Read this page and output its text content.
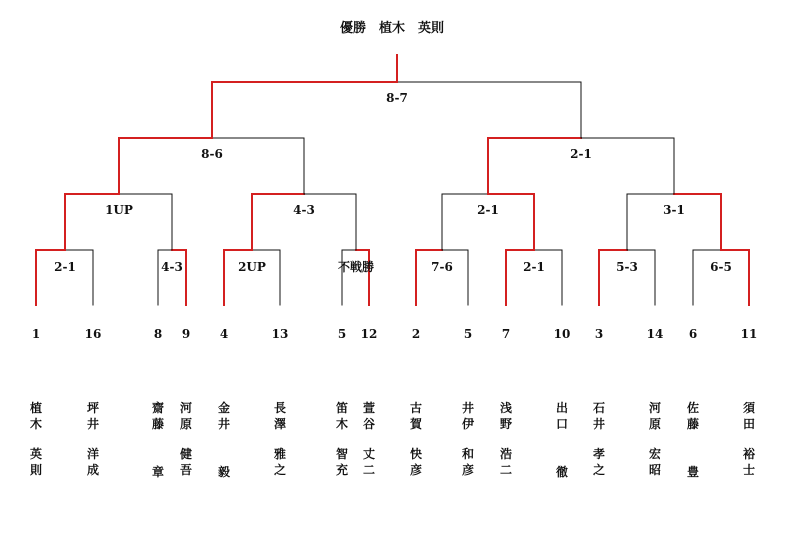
優勝　植木　英則
2-1	4-3	2UP	不戦勝	7-6	2-1	5-3	6-5
1UP	4-3	2-1	3-1
8-6	2-1
8-7
1	16	8 9 4	13	5 12	2	5 7	10 3	14 6	11
植
木
英
則
坪
井
洋
成
齋
藤
章
河
原
健
吾
金
井
毅
長
澤
雅
之
笛
木
智
充
萱
谷
丈
二
古
賀
快
彦
井
伊
和
彦
浅
野
浩
二
出
口
徹
石
井
孝
之
河
原
宏
昭
佐
藤
豊
須
田
裕
士
